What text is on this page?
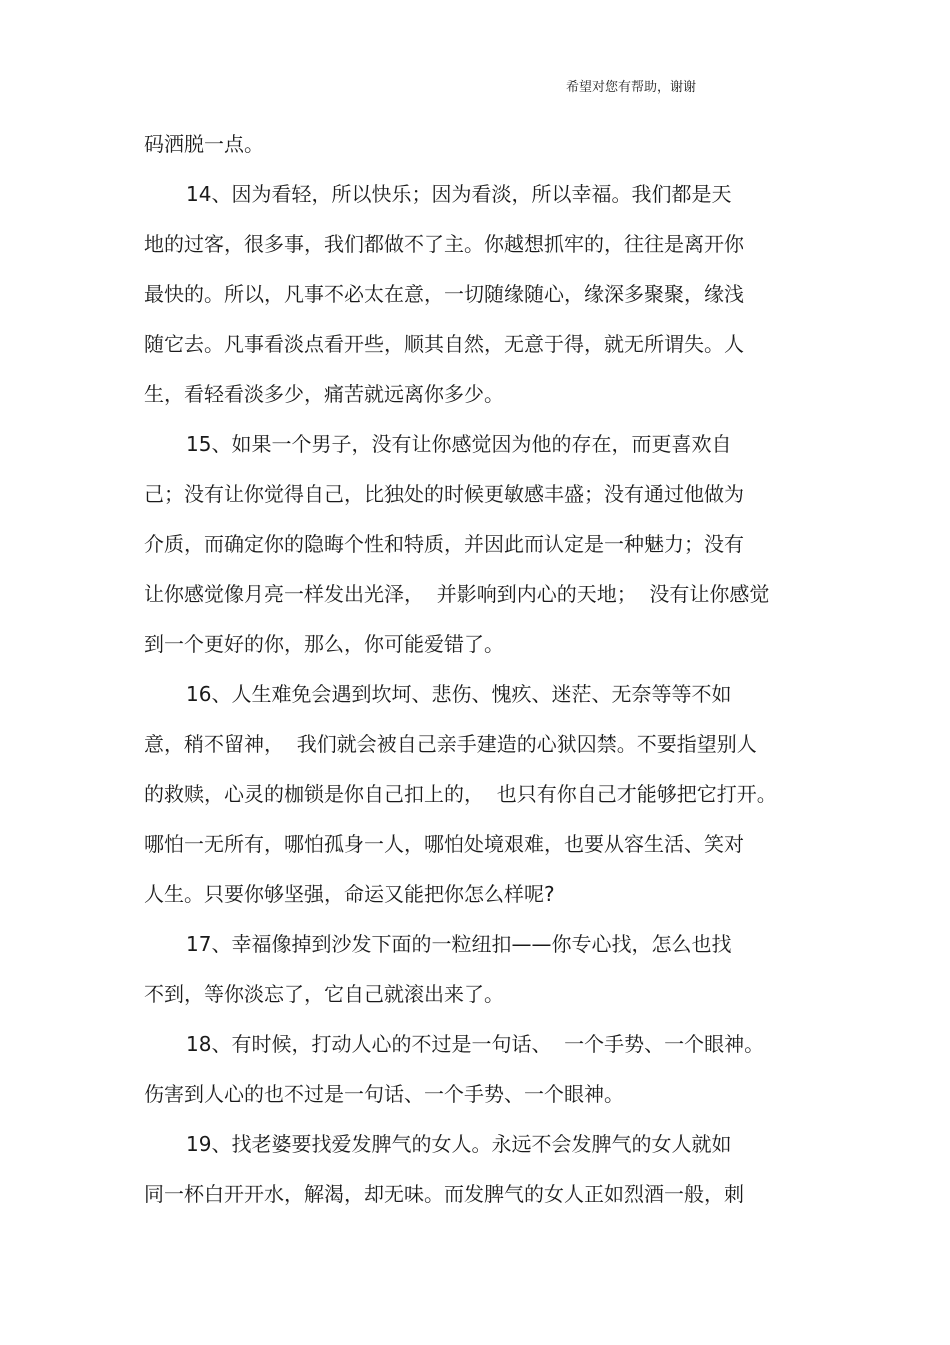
希望对您有帮助，谢谢
码洒脱一点。
14、因为看轻，所以快乐；因为看淡，所以幸福。我们都是天
地的过客，很多事，我们都做不了主。你越想抓牢的，往往是离开你
最快的。所以，凡事不必太在意，一切随缘随心，缘深多聚聚，缘浅
随它去。凡事看淡点看开些，顺其自然，无意于得，就无所谓失。人
生，看轻看淡多少，痛苦就远离你多少。
15、如果一个男子，没有让你感觉因为他的存在，而更喜欢自
己；没有让你觉得自己，比独处的时候更敏感丰盛；没有通过他做为
介质，而确定你的隐晦个性和特质，并因此而认定是一种魅力；没有
让你感觉像月亮一样发出光泽，  并影响到内心的天地；  没有让你感觉
到一个更好的你，那么，你可能爱错了。
16、人生难免会遇到坎坷、悲伤、愧疚、迷茫、无奈等等不如
意，稍不留神，  我们就会被自己亲手建造的心狱囚禁。不要指望别人
的救赎，心灵的枷锁是你自己扣上的，  也只有你自己才能够把它打开。
哪怕一无所有，哪怕孤身一人，哪怕处境艰难，也要从容生活、笑对
人生。只要你够坚强，命运又能把你怎么样呢?
17、幸福像掉到沙发下面的一粒纽扣——你专心找，怎么也找
不到，等你淡忘了，它自己就滚出来了。
18、有时候，打动人心的不过是一句话、  一个手势、一个眼神。
伤害到人心的也不过是一句话、一个手势、一个眼神。
19、找老婆要找爱发脾气的女人。永远不会发脾气的女人就如
同一杯白开开水，解渴，却无味。而发脾气的女人正如烈酒一般，刺
